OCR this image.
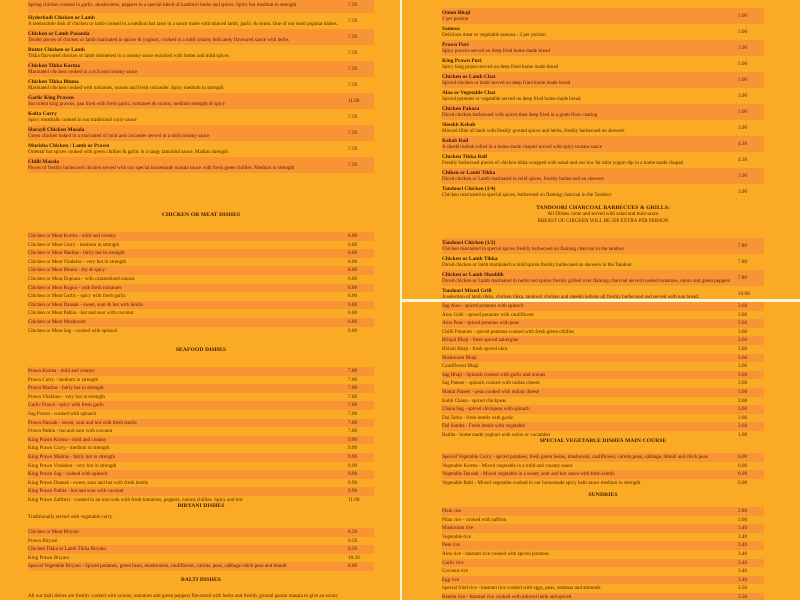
Spring chicken cooked in garlic, mushrooms, peppers in a special blend of kashmiri herbs and spices. Spicy but medium in strength.	7.50
Hyderbadi Chicken or Lamb
A memorable dish of chicken or lamb cooked to a medium hot taste in a sauce made with minced lamb, garlic & onion. One of our most popular dishes.	7.50
Chicken or Lamb Pasanda
Tender pieces of chicken or lamb marinated in spices & yoghurt, cooked in a mild creamy delicately flavoured sauce with herbs	7.50
Butter Chicken or Lamb
Tikka flavoured chicken or lamb simmered in a creamy sauce enriched with butter and mild spices	7.50
Chicken Tikka Korma
Marinated chicken cooked in a rich and creamy sauce	7.50
Chicken Tikka Bhuna
Marinated chicken cooked with tomatoes, onions and fresh coriander. Spicy medium in strength	7.50
Garlic King Prawns
Succulent king prawns, pan fried with fresh garlic, tomatoes & onions, medium strength & spicy	11.00
Kofta Curry
Spicy meatballs cooked in our traditional curry sauce	7.50
Harayli Chicken Masala
Green chicken baked in a marinated of mint and coriander served in a mild creamy sauce	7.50
Murisha Chicken / Lamb or Prawn
Oriental hot spices cooked with green chillies & garlic in a tangy tamarind sauce, Madras strength	7.50
Chilli Masala
Pieces of freshly barbecued chicken served with our special homemade masala sauce with fresh green chillies. Medium in strength	7.50
CHICKEN OR MEAT DISHES
Chicken or Meat Korma - mild and creamy	6.00
Chicken or Meat Curry - medium in strength	6.00
Chicken or Meat Madras - fairly hot in strength	6.00
Chicken or Meat Vindaloo - very hot in strength	6.00
Chicken or Meat Bhuna - dry & spicy	6.00
Chicken or Meat Dopiaza - with caramelized onions	6.00
Chicken or Meat Rogon - with fresh tomatoes	6.00
Chicken or Meat Garlic - spicy with fresh garlic	6.00
Chicken or Meat Dansak - sweet, sour & hot with lentils	6.00
Chicken or Meat Pathia - hot and sour with coconut	6.00
Chicken or Meat Mushroom	6.00
Chicken or Meat Sag - cooked with spinach	6.00
SEAFOOD DISHES
Prawn Korma - mild and creamy	7.00
Prawn Curry - medium in strength	7.00
Prawn Madras - fairly hot in strength	7.00
Prawn Vindaloo - very hot in strength	7.00
Garlic Prawn - spicy with fresh garlic	7.00
Sag Prawn - cooked with spinach	7.00
Prawn Dansak - sweet, sour and hot with fresh lentils	7.00
Prawn Pathia - hot and sour with coconut	7.00
King Prawn Korma - mild and creamy	9.90
King Prawn Curry - medium in strength	9.90
King Prawn Madras - fairly hot in strength	9.90
King Prawn Vindaloo - very hot in strength	9.90
King Prawn Sag - cooked with spinach	9.90
King Prawn Dansak - sweet, sour and hot with fresh lentils	9.90
King Prawn Pathia - hot and sour with coconut	9.90
King Prawn Zalfrezi - cooked in an iron wok with fresh tomatoes, peppers, onions chillies. Spicy and hot	11.00
BIRYANI DISHES
Traditionally served with vegetable curry
Chicken or Meat Biryani	8.50
Prawn Biryani	9.50
Chicken Tikka or Lamb Tikka Biryani	9.50
King Prawn Biryani	10.50
Special Vegetable Biryani - Spiced potatoes, green bean, mushrooms, cauliflower, carrots, peas, cabbage chick peas and bhindi	8.00
BALTI DISHES
All our balti dishes are freshly cooked with onions, tomatoes and green peppers flavoured with herbs and freshly ground garam masala to give an exotic
Onion Bhaji
2 per portion	3.00
Samosa
Delicious meat or vegetable samosa - 2 per portion	3.00
Prawn Puri
Spicy prawns served on deep fried home made bread	3.90
King Prawn Puri
Spicy king prawn served on deep fried home made bread	5.00
Chicken or Lamb Chat
Spiced chicken or lamb served on deep fried home made bread	3.00
Aloo or Vegetable Chat
Spiced potatoes or vegetable served on deep fried home made bread	3.90
Chicken Pakora
Diced chicken barbecued with spices then deep fried in a gram flour coating	3.00
Sheekh Kebab
Minced fillet of lamb with freshly ground spices and herbs, freshly barbecued on skewers	3.90
Kebab Roll
A sheekh kebab rolled in a home made chapati served with spicy tomato sauce	4.30
Chicken Tikka Roll
Freshly barbecued pieces of chicken tikka wrapped with salad and our low fat mint yogurt dip in a home made chapati	4.30
Chiken or Lamb Tikka
Diced chicken or Lamb marinated in mild spices, freshly barbecued on skewers	3.90
Tandoori Chicken (1/4)
Chicken marinated in special spices, barbecued on flaming charcoal in the Tandoor	3.90
TANDOORI CHARCOAL BARBECUES & GRILLS:
All Dishes come and served with salad and mint sauce
BREAST OF CHICKEN WILL BE 50P EXTRA PER PERSON
Tandoori Chicken (1/2)
Chicken marinated in special spices freshly barbecued on flaming charcoal in the tandoor	7.80
Chicken or Lamb Tikka
Diced chicken or lamb marinated in mild spices freshly barbecued on skewers in the Tandoor	7.80
Chicken or Lamb Shashlik
Diced chicken or Lamb marinated in herbs and spices freshly grilled over flaming charcoal served roasted tomatoes, onion and green peppers	7.80
Tandoori Mixed Grill
A selection of lamb tikka, chicken tikka, tandoori chicken and sheekh kebabs all freshly barbecued and served with nan bread.	10.00
Sag Aloo - spiced potatoes with spinach	3.60
Aloo Gobi - spiced potatoes with cauliflower	3.60
Aloo Peas - spiced potatoes with peas	3.60
Chilli Potatoes - spiced potatoes cooked with fresh green chillies	3.60
Brinjal Bhaji - fresh spiced aubergine	3.60
Bhindi Bhaji - fresh spiced okra	3.60
Mushroom Bhaji	3.60
Cauliflower Bhaji	3.60
Sag Bhaji - Spinach cooked with garlic and onions	3.60
Sag Paneer - spinach cooked with indian cheese	3.60
Mattar Paneer - peas cooked with indian cheese	3.60
Kabli Chana - spiced chickpeas	3.60
Chana Sag - spiced chickpeas with spinach	3.60
Dal Tarka - fresh lentils with garlic	3.60
Dal Samba - Fresh lentils with vegetable	3.60
Raitha - home made yoghurt with onion or cucumber	1.60
SPECIAL VEGETABLE DISHES MAIN COURSE
Special Vegetable Curry - spiced potatoes, fresh green beans, mushroom, cauliflower, carrots,peas, cabbage, bhindi and chick peas	6.00
Vegetable Korma - Mixed vegetable in a mild and creamy sauce	6.00
Vegetable Dansak - Mixed vegetable in a sweet, sour and hot sauce with fresh lentils	6.00
Vegetable Balti - Mixed vegetable cooked in our homemade spicy balti sauce medium in strength	6.00
SUNDRIES
Plain rice	2.80
Pilau rice - cooked with saffron	3.00
Mushroom rice	3.40
Vegetable rice	3.40
Peas rice	3.40
Aloo rice - basmati rice cooked with spiced potatoes	3.40
Garlic rice	3.40
Coconut rice	3.40
Egg rice	3.40
Special fried rice - basmati rice cooked with eggs, peas, sultanas and almonds	3.50
Keema rice - basmati rice cooked with minced lamb and spiced	3.50
